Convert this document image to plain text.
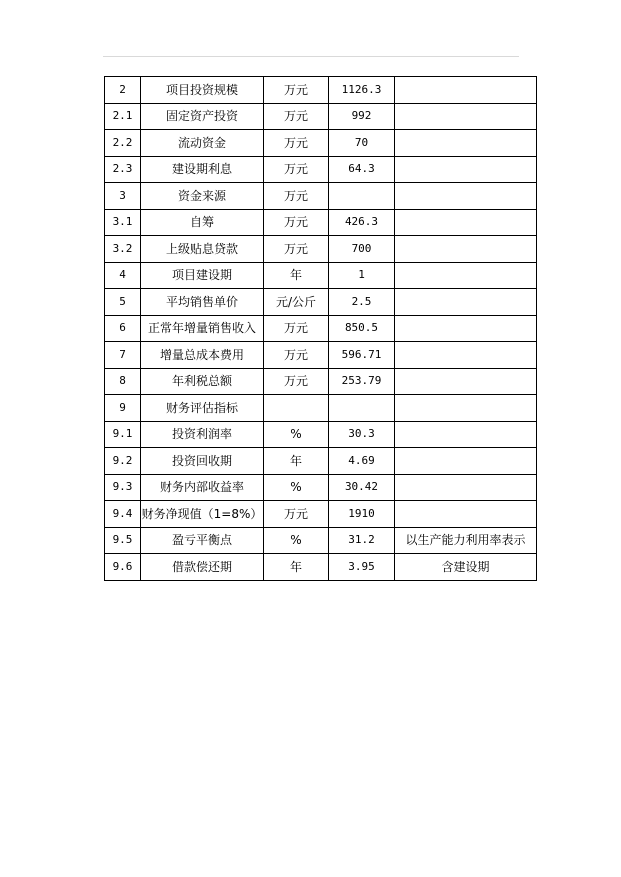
2	项目投资规模	万元	1126.3	
2.1	固定资产投资	万元	992	
2.2	流动资金	万元	70	
2.3	建设期利息	万元	64.3	
3	资金来源	万元		
3.1	自筹	万元	426.3	
3.2	上级贴息贷款	万元	700	
4	项目建设期	年	1	
5	平均销售单价	元/公斤	2.5	
6	正常年增量销售收入	万元	850.5	
7	增量总成本费用	万元	596.71	
8	年利税总额	万元	253.79	
9	财务评估指标			
9.1	投资利润率	%	30.3	
9.2	投资回收期	年	4.69	
9.3	财务内部收益率	%	30.42	
9.4	财务净现值（1=8%）	万元	1910	
9.5	盈亏平衡点	%	31.2	以生产能力利用率表示
9.6	借款偿还期	年	3.95	含建设期
